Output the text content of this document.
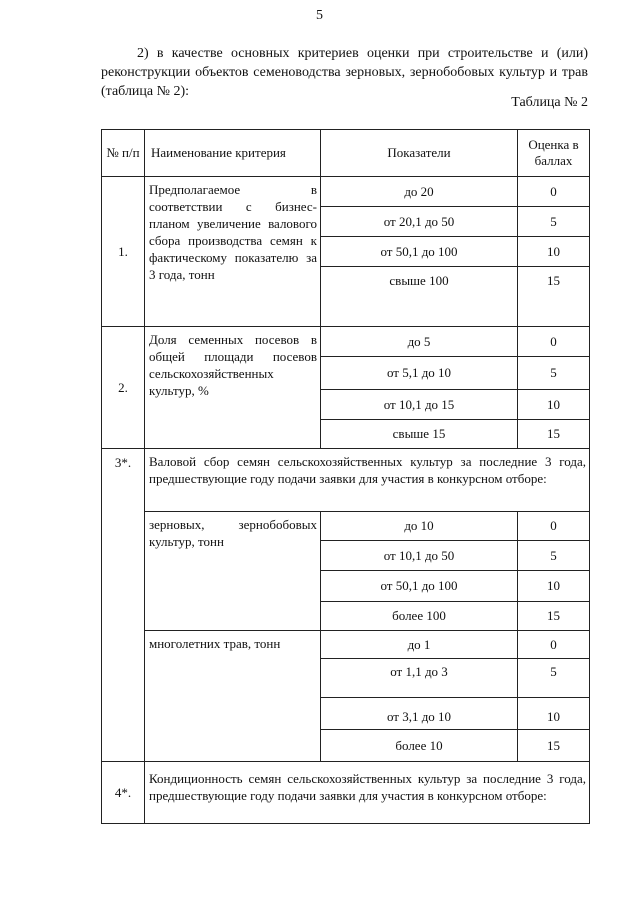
5
2) в качестве основных критериев оценки при строительстве и (или) реконструкции объектов семеноводства зерновых, зернобобовых культур и трав (таблица № 2):
Таблица № 2
№ п/п	Наименование критерия	Показатели	Оценка в баллах
1.	Предполагаемое в соответствии с бизнес-планом увеличение валового сбора производства семян к фактическому показателю за 3 года, тонн	до 20	0
		от 20,1 до 50	5
		от 50,1 до 100	10
		свыше 100	15
2.	Доля семенных посевов в общей площади посевов сельскохозяйственных культур, %	до 5	0
		от 5,1 до 10	5
		от 10,1 до 15	10
		свыше 15	15
3*.	Валовой сбор семян сельскохозяйственных культур за последние 3 года, предшествующие году подачи заявки для участия в конкурсном отборе:		
	зерновых, зернобобовых культур, тонн	до 10	0
		от 10,1 до 50	5
		от 50,1 до 100	10
		более 100	15
	многолетних трав, тонн	до 1	0
		от 1,1 до 3	5
		от 3,1 до 10	10
		более 10	15
4*.	Кондиционность семян сельскохозяйственных культур за последние 3 года, предшествующие году подачи заявки для участия в конкурсном отборе:		
